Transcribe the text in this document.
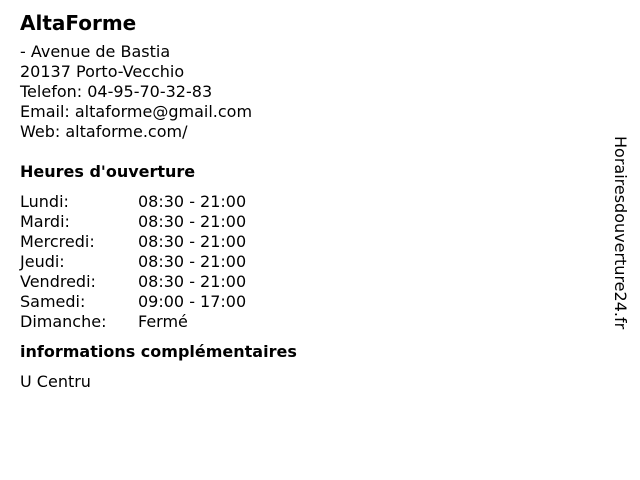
AltaForme
- Avenue de Bastia
20137 Porto-Vecchio
Telefon: 04-95-70-32-83
Email: altaforme@gmail.com
Web: altaforme.com/
Heures d'ouverture
Lundi:	08:30 - 21:00
Mardi:	08:30 - 21:00
Mercredi:	08:30 - 21:00
Jeudi:	08:30 - 21:00
Vendredi:	08:30 - 21:00
Samedi:	09:00 - 17:00
Dimanche:	Fermé
informations complémentaires
U Centru
Horairesdouverture24.fr
